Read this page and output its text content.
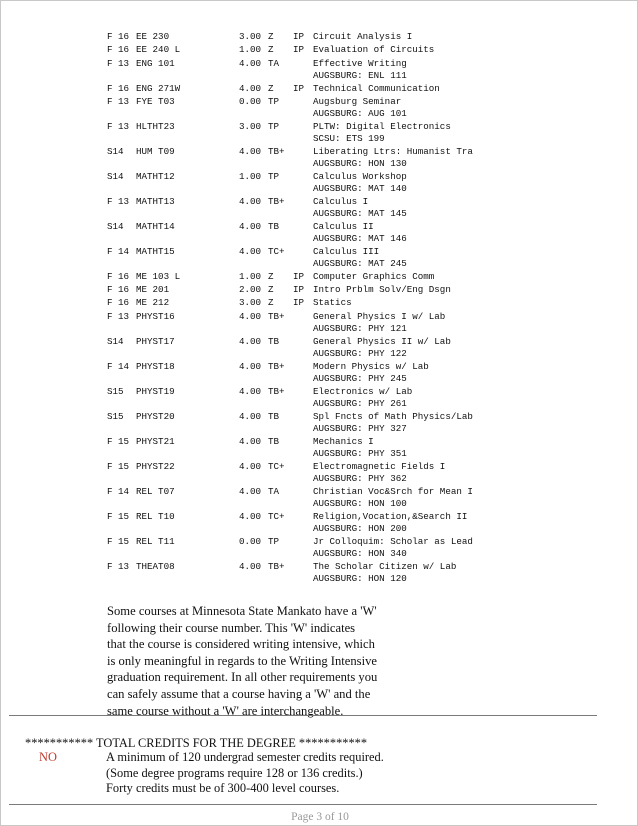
F 16 EE 230	3.00 Z IP Circuit Analysis I
F 16 EE 240 L	1.00 Z IP Evaluation of Circuits
F 13 ENG 101	4.00 TA	Effective Writing
AUGSBURG: ENL 111
F 16 ENG 271W	4.00 Z IP Technical Communication
F 13 FYE T03	0.00 TP	Augsburg Seminar
AUGSBURG: AUG 101
F 13 HLTHT23	3.00 TP	PLTW: Digital Electronics
SCSU: ETS 199
S14 HUM T09	4.00 TB+	Liberating Ltrs: Humanist Tra
AUGSBURG: HON 130
S14 MATHT12	1.00 TP	Calculus Workshop
AUGSBURG: MAT 140
F 13 MATHT13	4.00 TB+	Calculus I
AUGSBURG: MAT 145
S14 MATHT14	4.00 TB	Calculus II
AUGSBURG: MAT 146
F 14 MATHT15	4.00 TC+	Calculus III
AUGSBURG: MAT 245
F 16 ME 103 L	1.00 Z IP Computer Graphics Comm
F 16 ME 201	2.00 Z IP Intro Prblm Solv/Eng Dsgn
F 16 ME 212	3.00 Z IP Statics
F 13 PHYST16	4.00 TB+	General Physics I w/ Lab
AUGSBURG: PHY 121
S14 PHYST17	4.00 TB	General Physics II w/ Lab
AUGSBURG: PHY 122
F 14 PHYST18	4.00 TB+	Modern Physics w/ Lab
AUGSBURG: PHY 245
S15 PHYST19	4.00 TB+	Electronics w/ Lab
AUGSBURG: PHY 261
S15 PHYST20	4.00 TB	Spl Fncts of Math Physics/Lab
AUGSBURG: PHY 327
F 15 PHYST21	4.00 TB	Mechanics I
AUGSBURG: PHY 351
F 15 PHYST22	4.00 TC+	Electromagnetic Fields I
AUGSBURG: PHY 362
F 14 REL T07	4.00 TA	Christian Voc&Srch for Mean I
AUGSBURG: HON 100
F 15 REL T10	4.00 TC+	Religion,Vocation,&Search II
AUGSBURG: HON 200
F 15 REL T11	0.00 TP	Jr Colloquim: Scholar as Lead
AUGSBURG: HON 340
F 13 THEAT08	4.00 TB+	The Scholar Citizen w/ Lab
AUGSBURG: HON 120
Some courses at Minnesota State Mankato have a 'W'
following their course number. This 'W' indicates
that the course is considered writing intensive, which
is only meaningful in regards to the Writing Intensive
graduation requirement. In all other requirements you
can safely assume that a course having a 'W' and the
same course without a 'W' are interchangeable.
*********** TOTAL CREDITS FOR THE DEGREE ***********
NO	A minimum of 120 undergrad semester credits required.
(Some degree programs require 128 or 136 credits.)
Forty credits must be of 300-400 level courses.
Page 3 of 10
